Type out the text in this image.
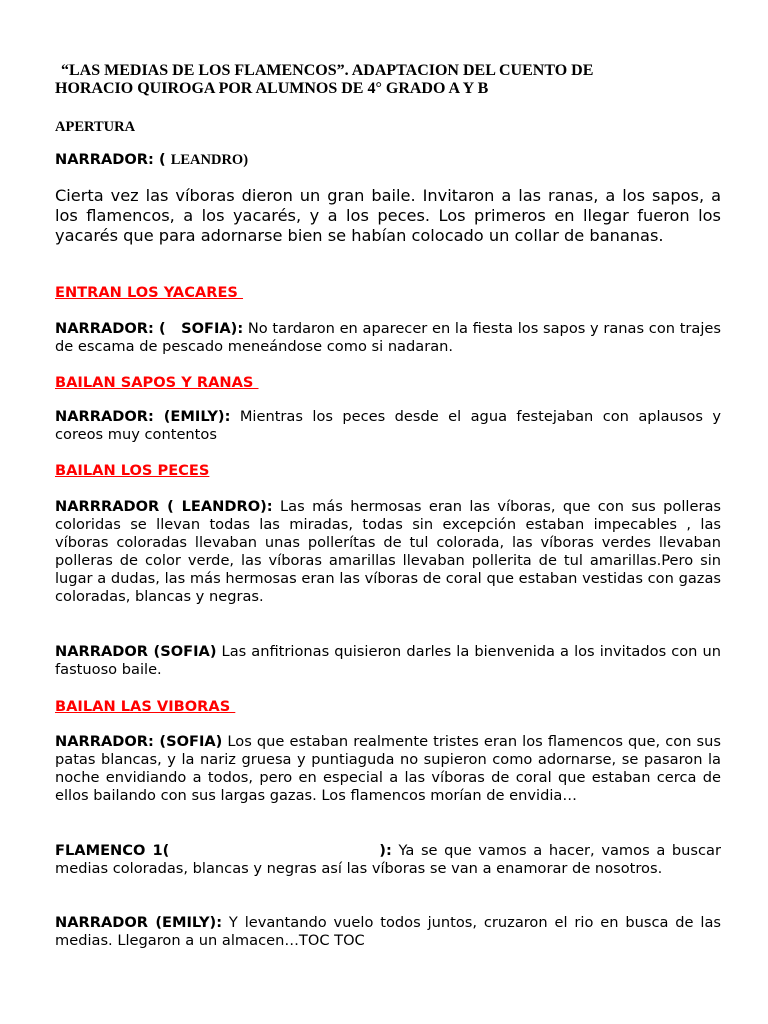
“LAS MEDIAS DE LOS FLAMENCOS”. ADAPTACION DEL CUENTO DE
HORACIO QUIROGA POR ALUMNOS DE 4° GRADO A Y B

APERTURA

NARRADOR: ( LEANDRO)

Cierta vez las víboras dieron un gran baile. Invitaron a las ranas, a los sapos, a los flamencos, a los yacarés, y a los peces. Los primeros en llegar fueron los yacarés que para adornarse bien se habían colocado un collar de bananas.

ENTRAN LOS YACARES

NARRADOR: (   SOFIA): No tardaron en aparecer en la fiesta los sapos y ranas con trajes de escama de pescado meneándose como si nadaran.

BAILAN SAPOS Y RANAS

NARRADOR: (EMILY): Mientras los peces desde el agua festejaban con aplausos y coreos muy contentos

BAILAN LOS PECES

NARRRADOR ( LEANDRO): Las más hermosas eran las víboras, que con sus polleras coloridas se llevan todas las miradas, todas sin excepción estaban impecables , las víboras coloradas llevaban unas pollerítas de tul colorada, las víboras verdes llevaban polleras de color verde, las víboras amarillas llevaban pollerita de tul amarillas.Pero sin lugar a dudas, las más hermosas eran las víboras de coral que estaban vestidas con gazas coloradas, blancas y negras.

NARRADOR (SOFIA) Las anfitrionas quisieron darles la bienvenida a los invitados con un fastuoso baile.

BAILAN LAS VIBORAS

NARRADOR: (SOFIA) Los que estaban realmente tristes eran los flamencos que, con sus patas blancas, y la nariz gruesa y puntiaguda no supieron como adornarse, se pasaron la noche envidiando a todos, pero en especial a las víboras de coral que estaban cerca de ellos bailando con sus largas gazas. Los flamencos morían de envidia…

FLAMENCO 1(	): Ya se que vamos a hacer, vamos a buscar medias coloradas, blancas y negras así las víboras se van a enamorar de nosotros.

NARRADOR (EMILY): Y levantando vuelo todos juntos, cruzaron el rio en busca de las medias. Llegaron a un almacen…TOC TOC
